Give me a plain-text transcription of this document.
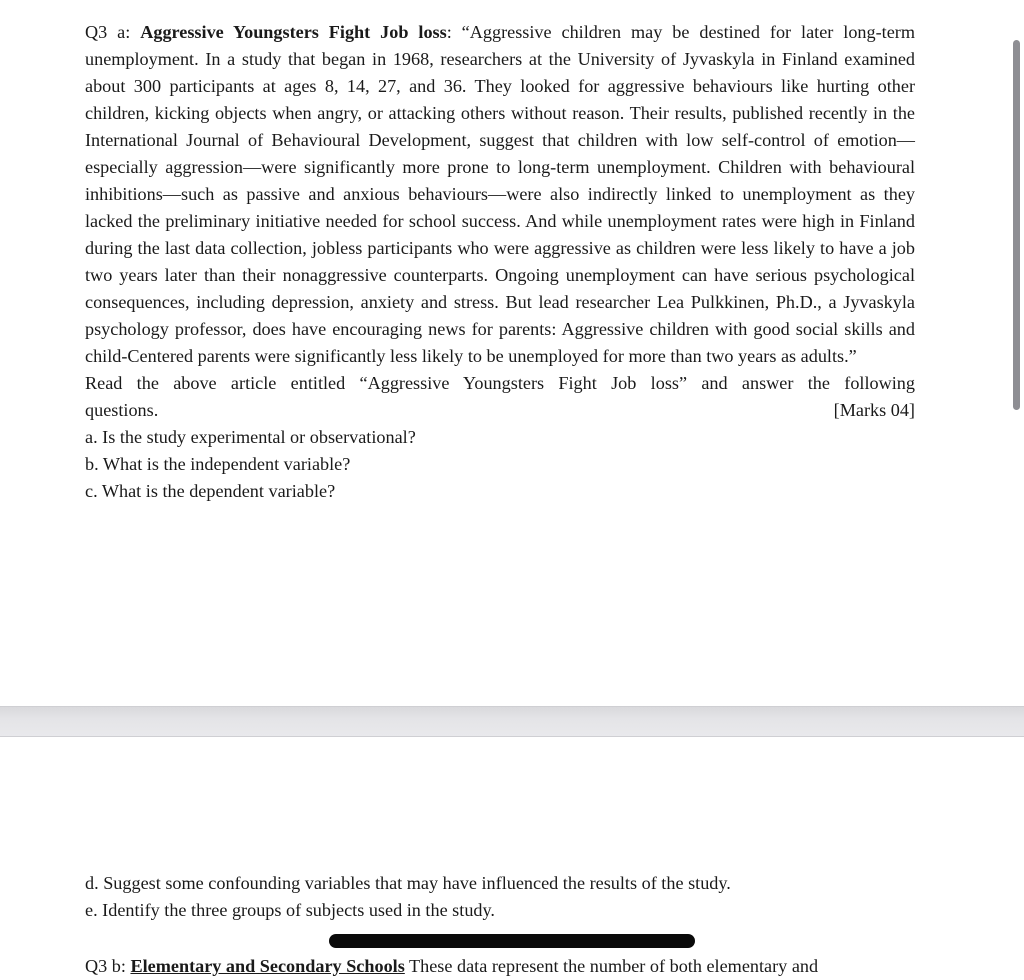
Q3 a: Aggressive Youngsters Fight Job loss: “Aggressive children may be destined for later long-term unemployment. In a study that began in 1968, researchers at the University of Jyvaskyla in Finland examined about 300 participants at ages 8, 14, 27, and 36. They looked for aggressive behaviours like hurting other children, kicking objects when angry, or attacking others without reason. Their results, published recently in the International Journal of Behavioural Development, suggest that children with low self-control of emotion—especially aggression—were significantly more prone to long-term unemployment. Children with behavioural inhibitions—such as passive and anxious behaviours—were also indirectly linked to unemployment as they lacked the preliminary initiative needed for school success. And while unemployment rates were high in Finland during the last data collection, jobless participants who were aggressive as children were less likely to have a job two years later than their nonaggressive counterparts. Ongoing unemployment can have serious psychological consequences, including depression, anxiety and stress. But lead researcher Lea Pulkkinen, Ph.D., a Jyvaskyla psychology professor, does have encouraging news for parents: Aggressive children with good social skills and child-Centered parents were significantly less likely to be unemployed for more than two years as adults.”

Read the above article entitled “Aggressive Youngsters Fight Job loss” and answer the following

questions.	[Marks 04]

a. Is the study experimental or observational?

b. What is the independent variable?

c. What is the dependent variable?

d. Suggest some confounding variables that may have influenced the results of the study.

e. Identify the three groups of subjects used in the study.

Q3 b: Elementary and Secondary Schools These data represent the number of both elementary and
